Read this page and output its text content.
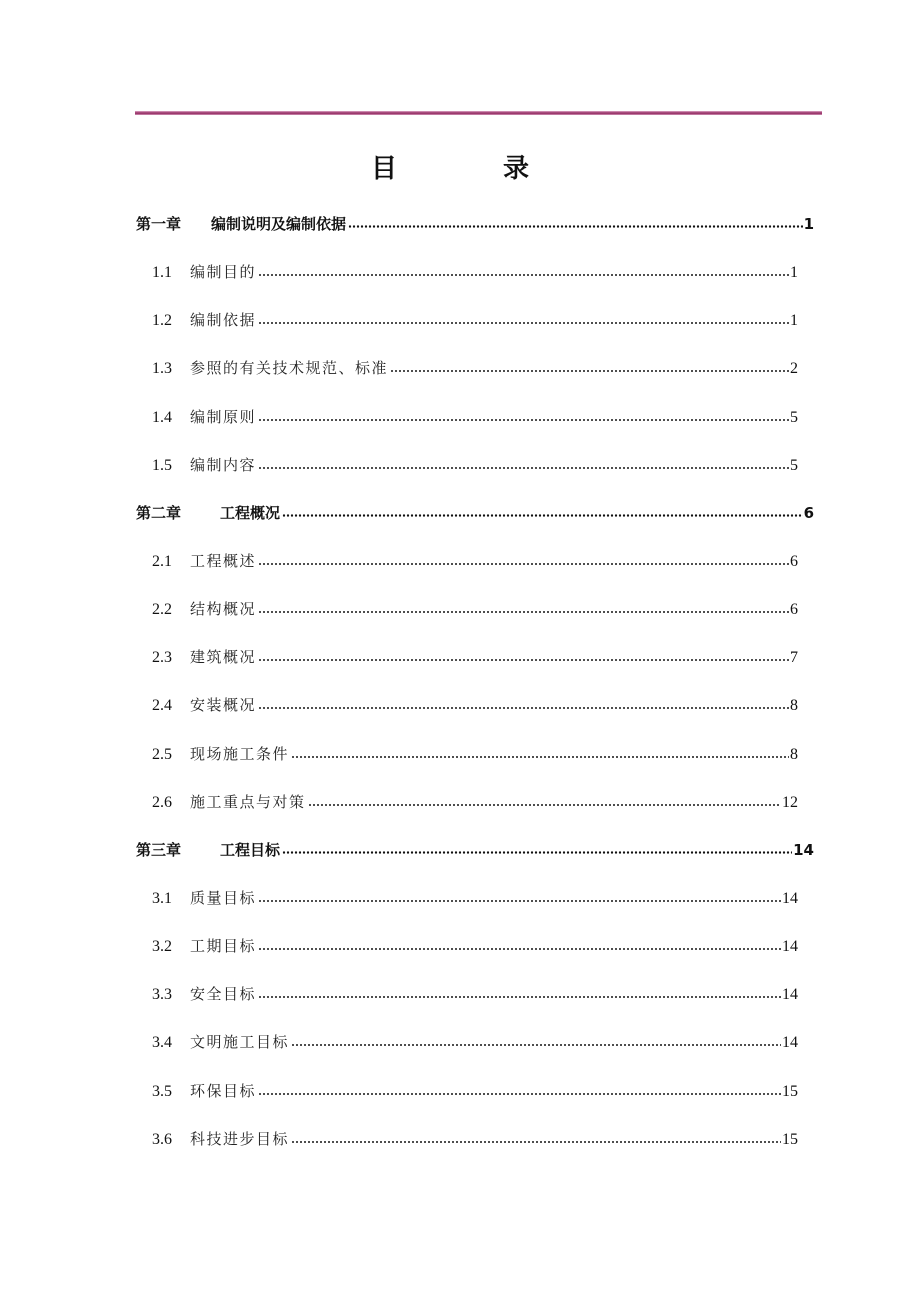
目　录
第一章	编制说明及编制依据	1
1.1	编制目的	1
1.2	编制依据	1
1.3	参照的有关技术规范、标准	2
1.4	编制原则	5
1.5	编制内容	5
第二章	工程概况	6
2.1	工程概述	6
2.2	结构概况	6
2.3	建筑概况	7
2.4	安装概况	8
2.5	现场施工条件	8
2.6	施工重点与对策	12
第三章	工程目标	14
3.1	质量目标	14
3.2	工期目标	14
3.3	安全目标	14
3.4	文明施工目标	14
3.5	环保目标	15
3.6	科技进步目标	15
